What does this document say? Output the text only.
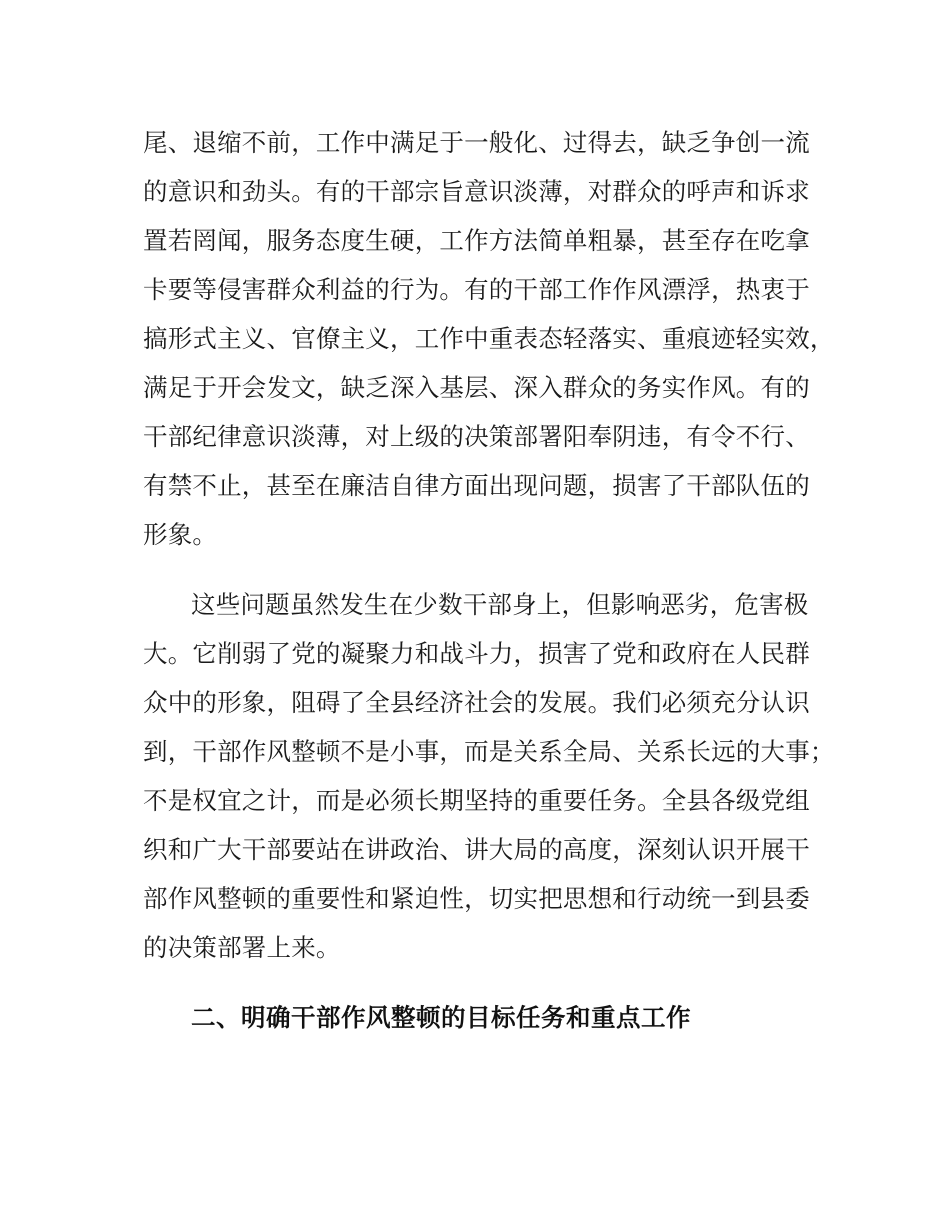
尾、退缩不前，工作中满足于一般化、过得去，缺乏争创一流
的意识和劲头。有的干部宗旨意识淡薄，对群众的呼声和诉求
置若罔闻，服务态度生硬，工作方法简单粗暴，甚至存在吃拿
卡要等侵害群众利益的行为。有的干部工作作风漂浮，热衷于
搞形式主义、官僚主义，工作中重表态轻落实、重痕迹轻实效，
满足于开会发文，缺乏深入基层、深入群众的务实作风。有的
干部纪律意识淡薄，对上级的决策部署阳奉阴违，有令不行、
有禁不止，甚至在廉洁自律方面出现问题，损害了干部队伍的
形象。
这些问题虽然发生在少数干部身上，但影响恶劣，危害极
大。它削弱了党的凝聚力和战斗力，损害了党和政府在人民群
众中的形象，阻碍了全县经济社会的发展。我们必须充分认识
到，干部作风整顿不是小事，而是关系全局、关系长远的大事；
不是权宜之计，而是必须长期坚持的重要任务。全县各级党组
织和广大干部要站在讲政治、讲大局的高度，深刻认识开展干
部作风整顿的重要性和紧迫性，切实把思想和行动统一到县委
的决策部署上来。
二、明确干部作风整顿的目标任务和重点工作
